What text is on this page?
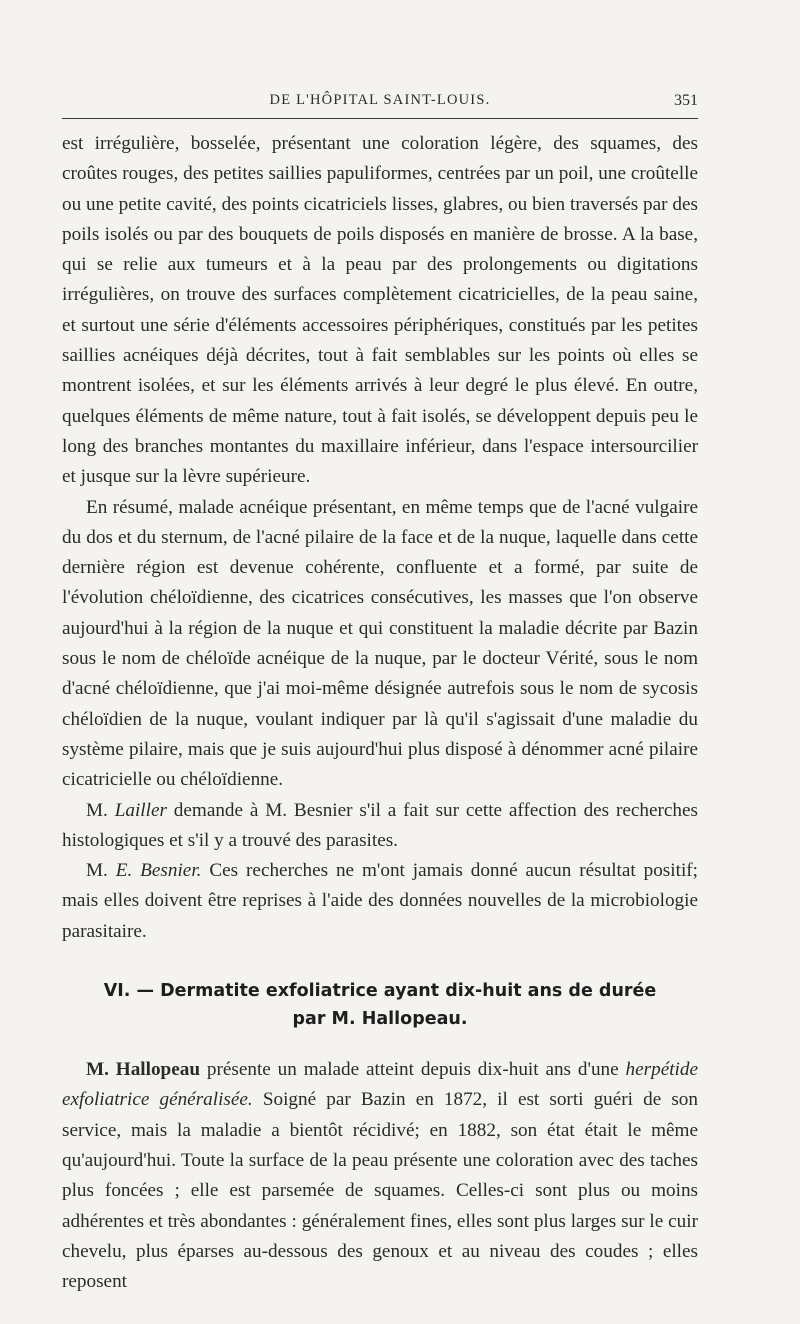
DE L'HÔPITAL SAINT-LOUIS.	351

est irrégulière, bosselée, présentant une coloration légère, des squames, des croûtes rouges, des petites saillies papuliformes, centrées par un poil, une croûtelle ou une petite cavité, des points cicatriciels lisses, glabres, ou bien traversés par des poils isolés ou par des bouquets de poils disposés en manière de brosse. A la base, qui se relie aux tumeurs et à la peau par des prolongements ou digitations irrégulières, on trouve des surfaces complètement cicatricielles, de la peau saine, et surtout une série d'éléments accessoires périphériques, constitués par les petites saillies acnéiques déjà décrites, tout à fait semblables sur les points où elles se montrent isolées, et sur les éléments arrivés à leur degré le plus élevé. En outre, quelques éléments de même nature, tout à fait isolés, se développent depuis peu le long des branches montantes du maxillaire inférieur, dans l'espace intersourcilier et jusque sur la lèvre supérieure.

En résumé, malade acnéique présentant, en même temps que de l'acné vulgaire du dos et du sternum, de l'acné pilaire de la face et de la nuque, laquelle dans cette dernière région est devenue cohérente, confluente et a formé, par suite de l'évolution chéloïdienne, des cicatrices consécutives, les masses que l'on observe aujourd'hui à la région de la nuque et qui constituent la maladie décrite par Bazin sous le nom de chéloïde acnéique de la nuque, par le docteur Vérité, sous le nom d'acné chéloïdienne, que j'ai moi-même désignée autrefois sous le nom de sycosis chéloïdien de la nuque, voulant indiquer par là qu'il s'agissait d'une maladie du système pilaire, mais que je suis aujourd'hui plus disposé à dénommer acné pilaire cicatricielle ou chéloïdienne.

M. Lailler demande à M. Besnier s'il a fait sur cette affection des recherches histologiques et s'il y a trouvé des parasites.

M. E. Besnier. Ces recherches ne m'ont jamais donné aucun résultat positif; mais elles doivent être reprises à l'aide des données nouvelles de la microbiologie parasitaire.

VI. — Dermatite exfoliatrice ayant dix-huit ans de durée
par M. Hallopeau.

M. Hallopeau présente un malade atteint depuis dix-huit ans d'une herpétide exfoliatrice généralisée. Soigné par Bazin en 1872, il est sorti guéri de son service, mais la maladie a bientôt récidivé; en 1882, son état était le même qu'aujourd'hui. Toute la surface de la peau présente une coloration avec des taches plus foncées ; elle est parsemée de squames. Celles-ci sont plus ou moins adhérentes et très abondantes : généralement fines, elles sont plus larges sur le cuir chevelu, plus éparses au-dessous des genoux et au niveau des coudes ; elles reposent
